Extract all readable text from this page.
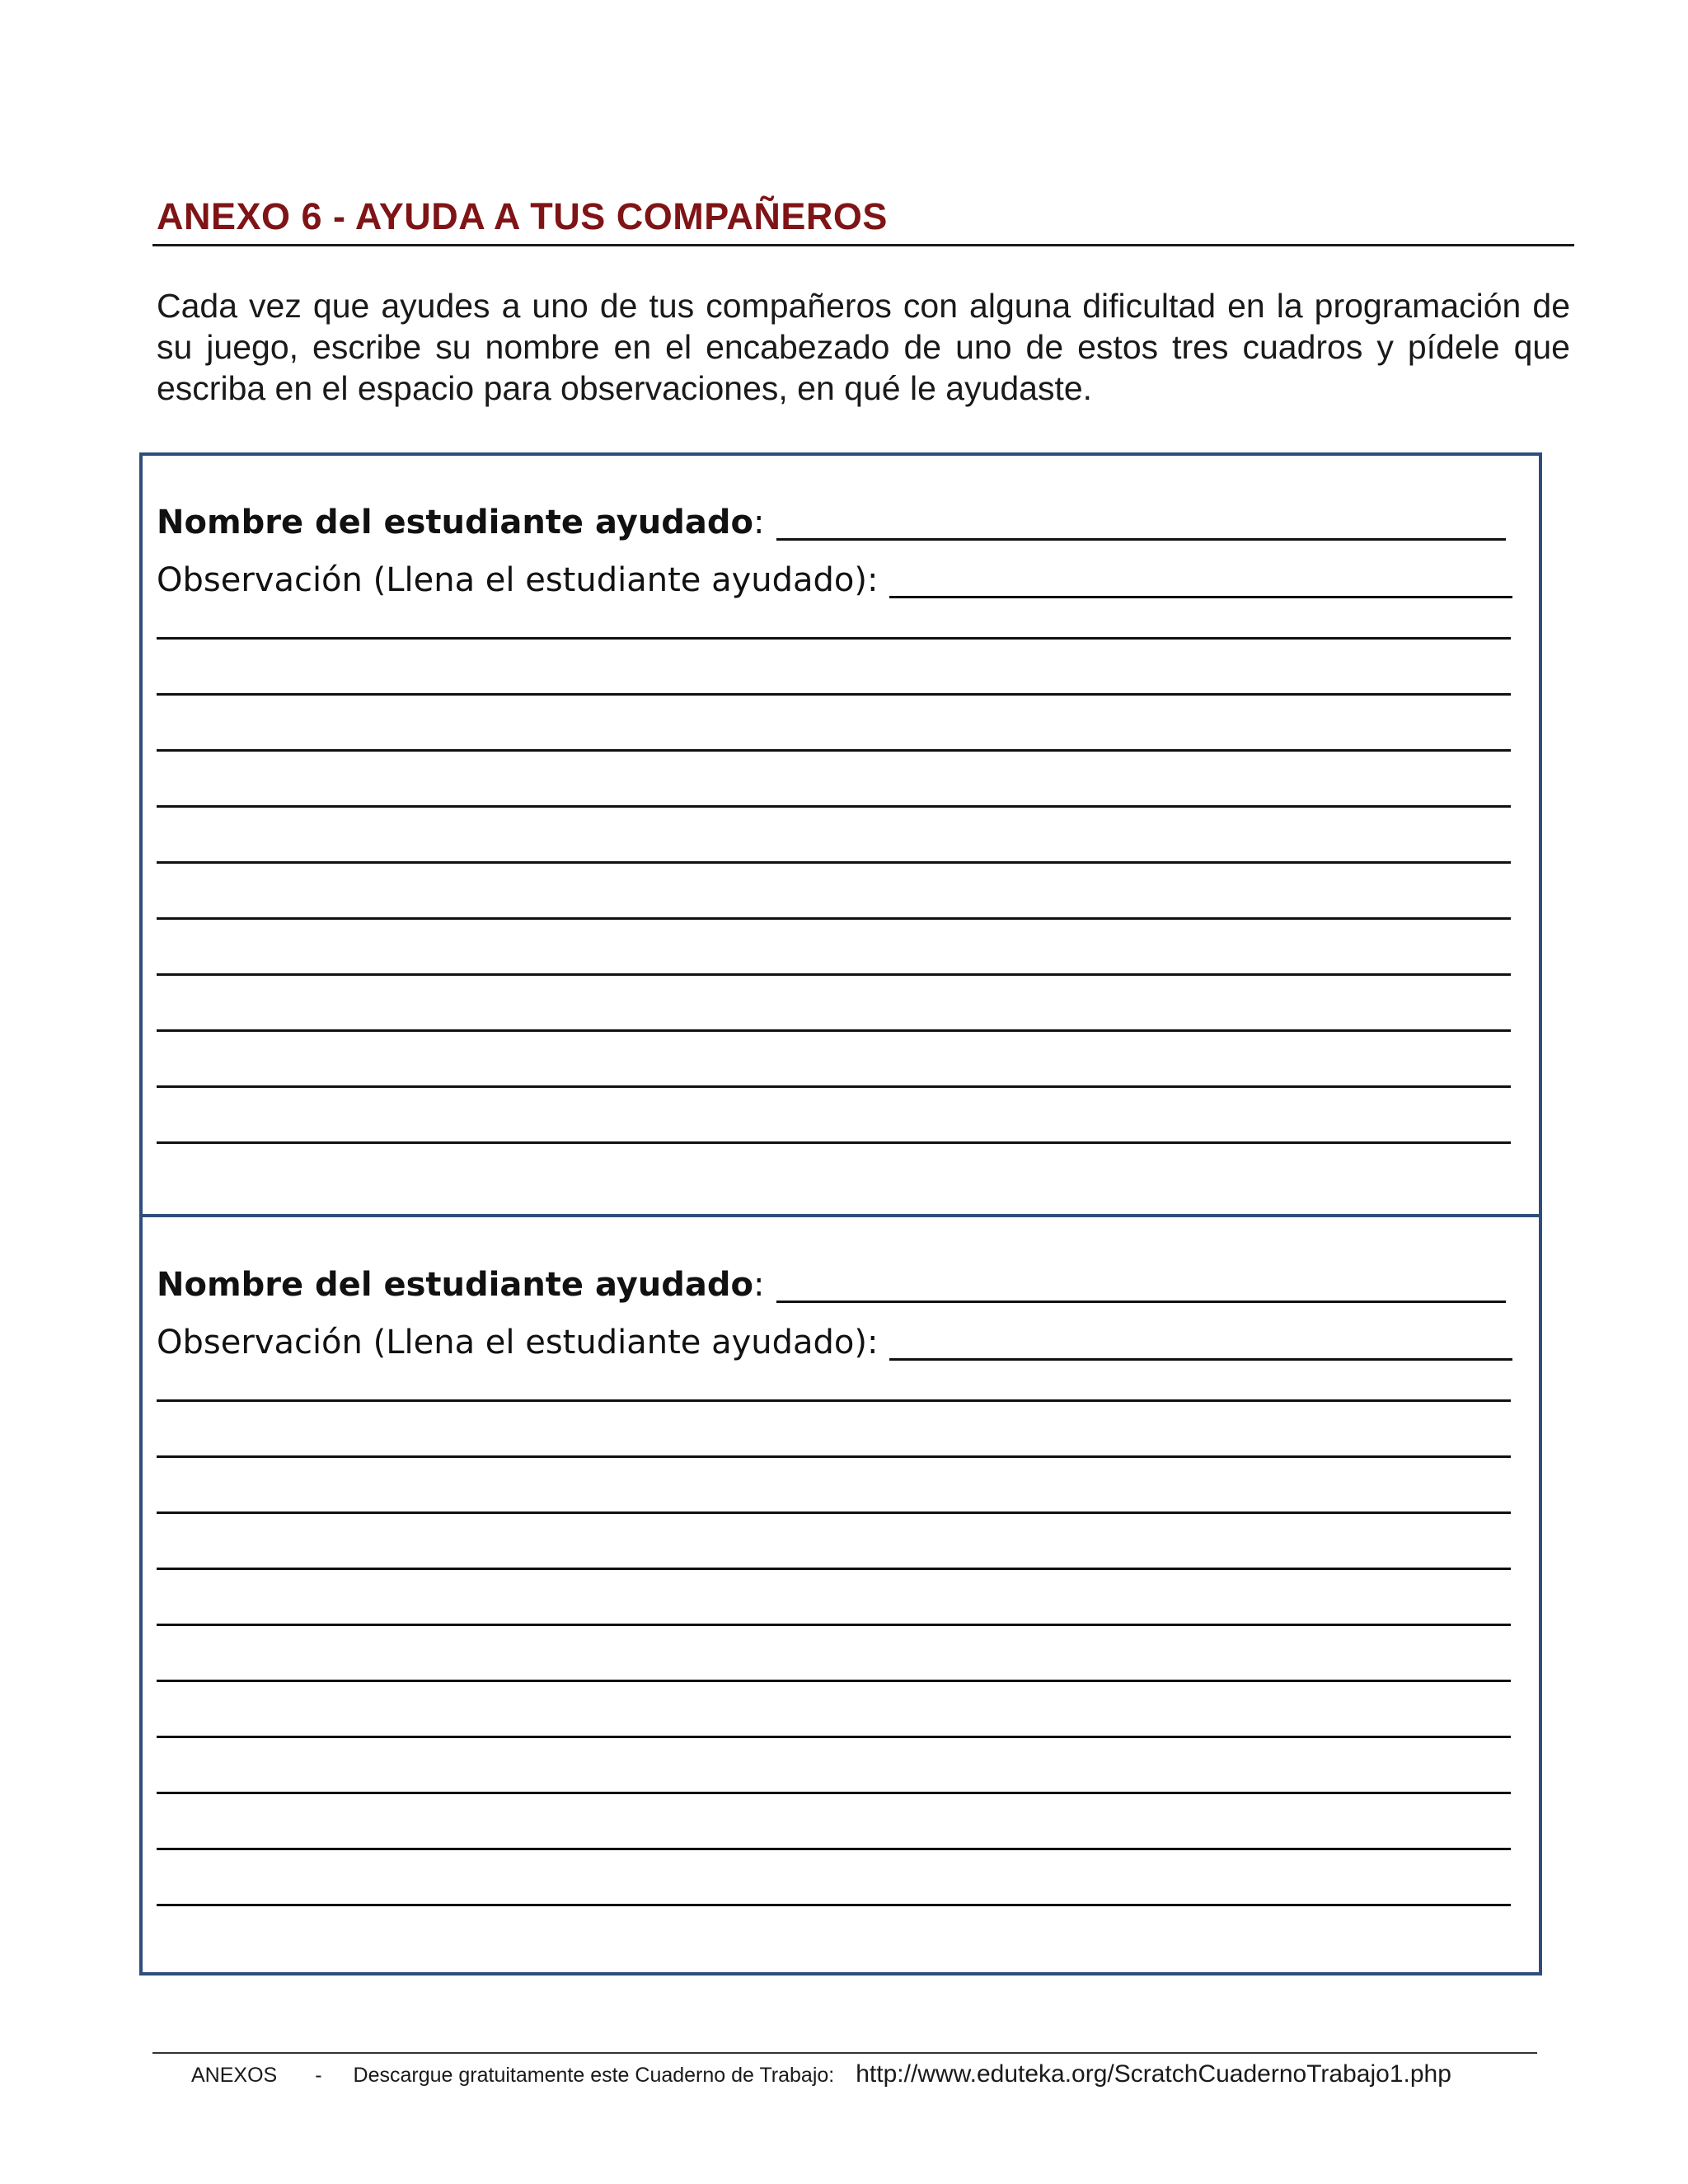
ANEXO 6 - AYUDA A TUS COMPAÑEROS

Cada vez que ayudes a uno de tus compañeros con alguna dificultad en la programación de su juego, escribe su nombre en el encabezado de uno de estos tres cuadros y pídele que escriba en el espacio para observaciones, en qué le ayudaste.

Nombre del estudiante ayudado :
Observación (Llena el estudiante ayudado):
Nombre del estudiante ayudado :
Observación (Llena el estudiante ayudado):
ANEXOS - Descargue gratuitamente este Cuaderno de Trabajo: http://www.eduteka.org/ScratchCuadernoTrabajo1.php
